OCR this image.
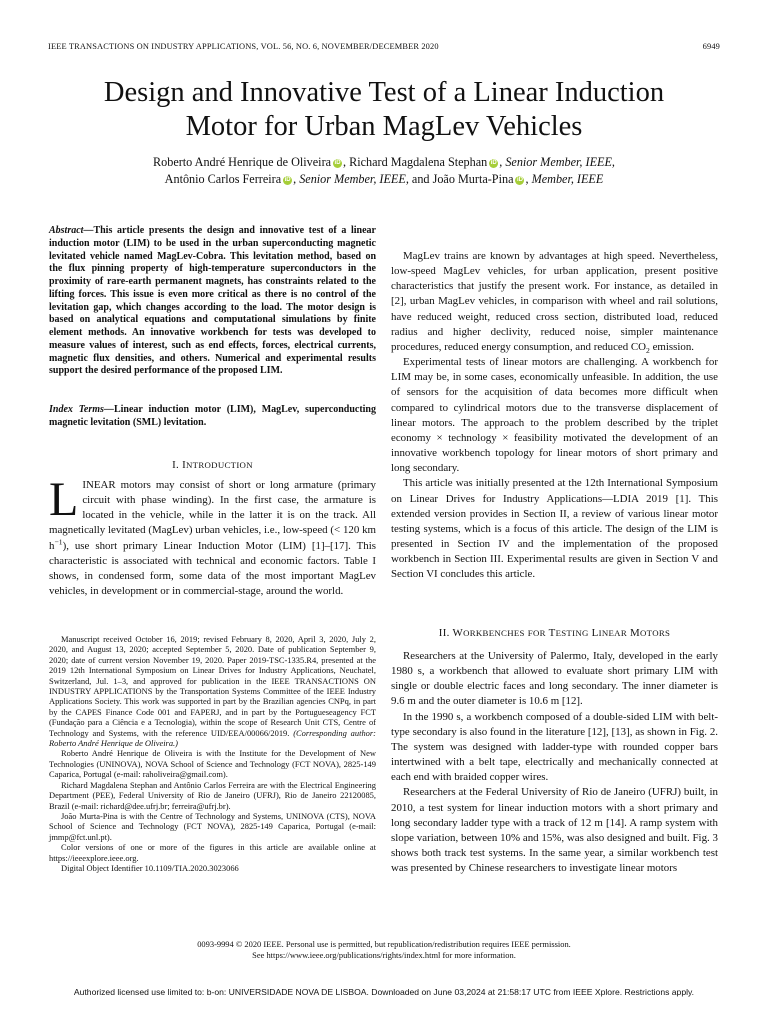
IEEE TRANSACTIONS ON INDUSTRY APPLICATIONS, VOL. 56, NO. 6, NOVEMBER/DECEMBER 2020	6949
Design and Innovative Test of a Linear Induction
Motor for Urban MagLev Vehicles
Roberto André Henrique de Oliveira iD , Richard Magdalena Stephan iD , Senior Member, IEEE,
Antônio Carlos Ferreira iD , Senior Member, IEEE, and João Murta-Pina iD , Member, IEEE
Abstract—This article presents the design and innovative test of a linear induction motor (LIM) to be used in the urban superconducting magnetic levitated vehicle named MagLev-Cobra. This levitation method, based on the flux pinning property of high-temperature superconductors in the proximity of rare-earth permanent magnets, has constraints related to the lifting forces. This issue is even more critical as there is no control of the levitation gap, which changes according to the load. The motor design is based on analytical equations and computational simulations by finite element methods. An innovative workbench for tests was developed to measure values of interest, such as end effects, forces, electrical currents, magnetic flux densities, and others. Numerical and experimental results support the desired performance of the proposed LIM.
Index Terms—Linear induction motor (LIM), MagLev, superconducting magnetic levitation (SML) levitation.
I. INTRODUCTION
LINEAR motors may consist of short or long armature (primary circuit with phase winding). In the first case, the armature is located in the vehicle, while in the latter it is on the track. All magnetically levitated (MagLev) urban vehicles, i.e., low-speed (< 120 km $h^{-1}$), use short primary Linear Induction Motor (LIM) [1]–[17]. This characteristic is associated with technical and economic factors. Table I shows, in condensed form, some data of the most important MagLev vehicles, in development or in commercial-stage, around the world.

Manuscript received October 16, 2019; revised February 8, 2020, April 3, 2020, July 2, 2020, and August 13, 2020; accepted September 5, 2020. Date of publication September 9, 2020; date of current version November 19, 2020. Paper 2019-TSC-1335.R4, presented at the 2019 12th International Symposium on Linear Drives for Industry Applications, Neuchatel, Switzerland, Jul. 1–3, and approved for publication in the IEEE TRANSACTIONS ON INDUSTRY APPLICATIONS by the Transportation Systems Committee of the IEEE Industry Applications Society. This work was supported in part by the Brazilian agencies CNPq, in part by the CAPES Finance Code 001 and FAPERJ, and in part by the Portugueseagency FCT (Fundação para a Ciência e a Tecnologia), within the scope of Research Unit CTS, Centre of Technology and Systems, with the reference UID/EEA/00066/2019. (Corresponding author: Roberto André Henrique de Oliveira.)

Roberto André Henrique de Oliveira is with the Institute for the Development of New Technologies (UNINOVA), NOVA School of Science and Technology (FCT NOVA), 2825-149 Caparica, Portugal (e-mail: raholiveira@gmail.com).

Richard Magdalena Stephan and Antônio Carlos Ferreira are with the Electrical Engineering Department (PEE), Federal University of Rio de Janeiro (UFRJ), Rio de Janeiro 22120085, Brazil (e-mail: richard@dee.ufrj.br; ferreira@ufrj.br).

João Murta-Pina is with the Centre of Technology and Systems, UNINOVA (CTS), NOVA School of Science and Technology (FCT NOVA), 2825-149 Caparica, Portugal (e-mail: jmmp@fct.unl.pt).

Color versions of one or more of the figures in this article are available online at https://ieeexplore.ieee.org.

Digital Object Identifier 10.1109/TIA.2020.3023066

MagLev trains are known by advantages at high speed. Nevertheless, low-speed MagLev vehicles, for urban application, present positive characteristics that justify the present work. For instance, as detailed in [2], urban MagLev vehicles, in comparison with wheel and rail solutions, have reduced weight, reduced cross section, distributed load, reduced radius and higher declivity, reduced noise, simpler maintenance procedures, reduced energy consumption, and reduced $CO_2$ emission.

Experimental tests of linear motors are challenging. A workbench for LIM may be, in some cases, economically unfeasible. In addition, the use of sensors for the acquisition of data becomes more difficult when compared to cylindrical motors due to the transverse displacement of linear motors. The approach to the problem described by the triplet economy × technology × feasibility motivated the development of an innovative workbench topology for linear motors of short primary and long secondary.

This article was initially presented at the 12th International Symposium on Linear Drives for Industry Applications—LDIA 2019 [1]. This extended version provides in Section II, a review of various linear motor testing systems, which is a focus of this article. The design of the LIM is presented in Section IV and the implementation of the proposed workbench in Section III. Experimental results are given in Section V and Section VI concludes this article.

II. WORKBENCHES FOR TESTING LINEAR MOTORS

Researchers at the University of Palermo, Italy, developed in the early 1980 s, a workbench that allowed to evaluate short primary LIM with single or double electric faces and long secondary. The inner diameter is 9.6 m and the outer diameter is 10.6 m [12].

In the 1990 s, a workbench composed of a double-sided LIM with belt-type secondary is also found in the literature [12], [13], as shown in Fig. 2. The system was designed with ladder-type with rounded copper bars intertwined with a belt tape, electrically and mechanically connected at each end with braided copper wires.

Researchers at the Federal University of Rio de Janeiro (UFRJ) built, in 2010, a test system for linear induction motors with a short primary and long secondary ladder type with a track of 12 m [14]. A ramp system with slope variation, between 10% and 15%, was also designed and built. Fig. 3 shows both track test systems. In the same year, a similar workbench test was presented by Chinese researchers to investigate linear motors

0093-9994 © 2020 IEEE. Personal use is permitted, but republication/redistribution requires IEEE permission.
See https://www.ieee.org/publications/rights/index.html for more information.
Authorized licensed use limited to: b-on: UNIVERSIDADE NOVA DE LISBOA. Downloaded on June 03,2024 at 21:58:17 UTC from IEEE Xplore. Restrictions apply.
